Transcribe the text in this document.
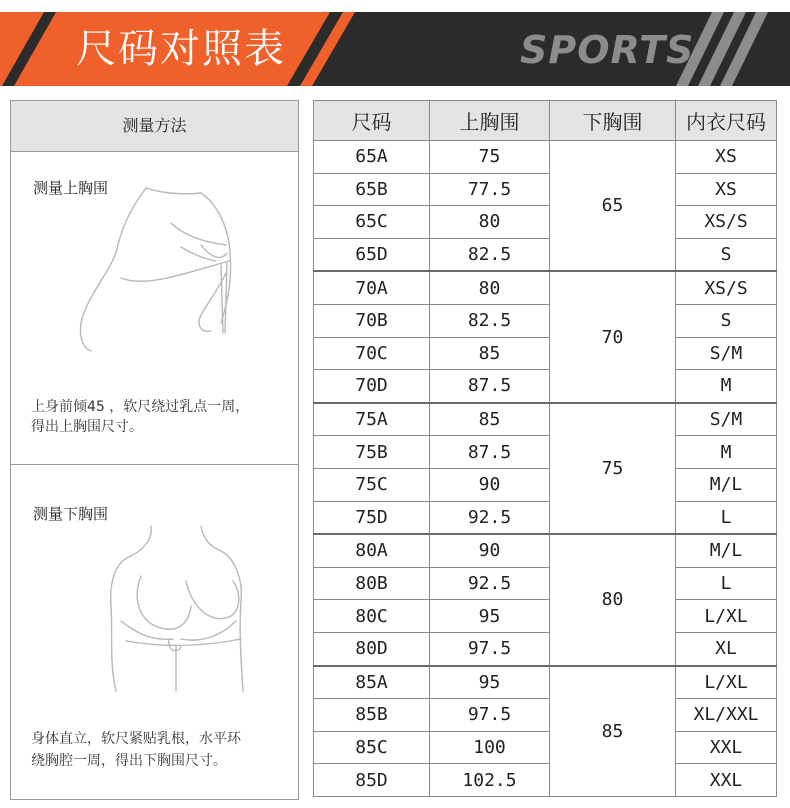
尺码对照表	SPORTS
测量方法
测量上胸围
上身前倾45 ，软尺绕过乳点一周，
得出上胸围尺寸。
测量下胸围
身体直立，软尺紧贴乳根，水平环
绕胸腔一周，得出下胸围尺寸。
尺码	上胸围	下胸围	内衣尺码
65A	75	65	XS
65B	77.5		XS
65C	80		XS/S
65D	82.5		S
70A	80	70	XS/S
70B	82.5		S
70C	85		S/M
70D	87.5		M
75A	85	75	S/M
75B	87.5		M
75C	90		M/L
75D	92.5		L
80A	90	80	M/L
80B	92.5		L
80C	95		L/XL
80D	97.5		XL
85A	95	85	L/XL
85B	97.5		XL/XXL
85C	100		XXL
85D	102.5		XXL
